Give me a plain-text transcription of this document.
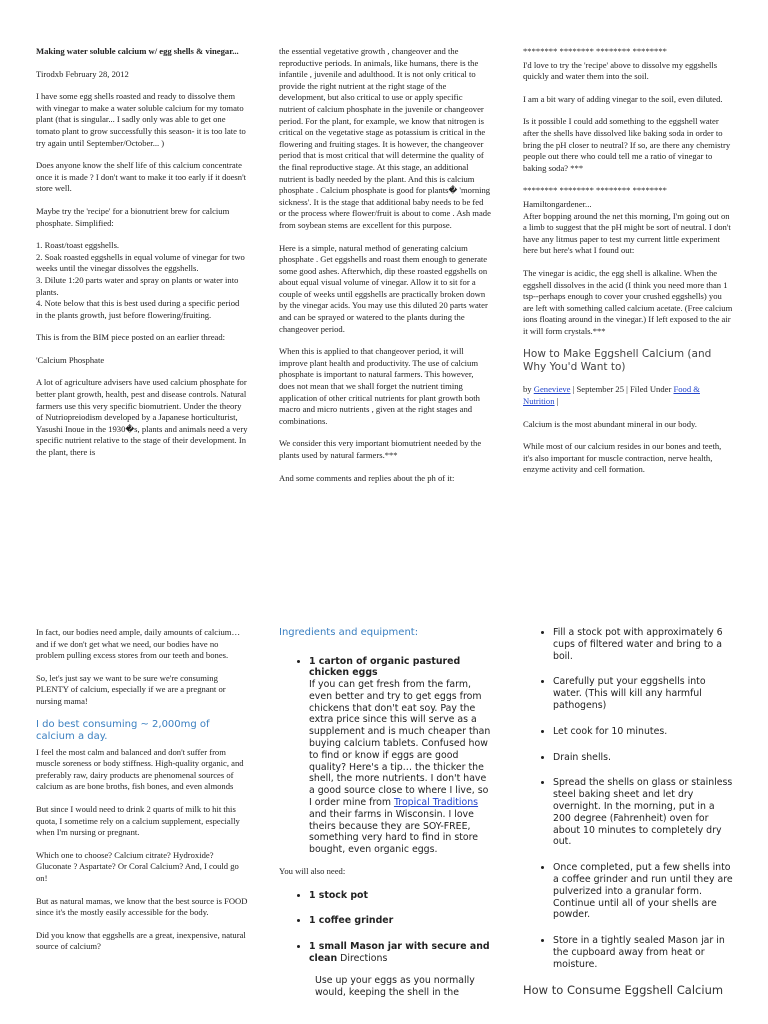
Making water soluble calcium w/ egg shells & vinegar...

Tirodxb February 28, 2012

I have some egg shells roasted and ready to dissolve them with vinegar to make a water soluble calcium for my tomato plant (that is singular... I sadly only was able to get one tomato plant to grow successfully this season- it is too late to try again until September/October... )

Does anyone know the shelf life of this calcium concentrate once it is made ? I don't want to make it too early if it doesn't store well.

Maybe try the 'recipe' for a bionutrient brew for calcium phosphate. Simplified:

1. Roast/toast eggshells.
2. Soak roasted eggshells in equal volume of vinegar for two weeks until the vinegar dissolves the eggshells.
3. Dilute 1:20 parts water and spray on plants or water into plants.
4. Note below that this is best used during a specific period in the plants growth, just before flowering/fruiting.

This is from the BIM piece posted on an earlier thread:

'Calcium Phosphate

A lot of agriculture advisers have used calcium phosphate for better plant growth, health, pest and disease controls. Natural farmers use this very specific biomutrient. Under the theory of Nutriopreiodism developed by a Japanese horticulturist, Yasushi Inoue in the 1930�s, plants and animals need a very specific nutrient relative to the stage of their development. In the plant, there is

the essential vegetative growth , changeover and the reproductive periods. In animals, like humans, there is the infantile , juvenile and adulthood. It is not only critical to provide the right nutrient at the right stage of the development, but also critical to use or apply specific nutrient of calcium phosphate in the juvenile or changeover period. For the plant, for example, we know that nitrogen is critical on the vegetative stage as potassium is critical in the flowering and fruiting stages. It is however, the changeover period that is most critical that will determine the quality of the final reproductive stage. At this stage, an additional nutrient is badly needed by the plant. And this is calcium phosphate . Calcium phosphate is good for plants� 'morning sickness'. It is the stage that additional baby needs to be fed or the process where flower/fruit is about to come . Ash made from soybean stems are excellent for this purpose.

Here is a simple, natural method of generating calcium phosphate . Get eggshells and roast them enough to generate some good ashes. Afterwhich, dip these roasted eggshells on about equal visual volume of vinegar. Allow it to sit for a couple of weeks until eggshells are practically broken down by the vinegar acids. You may use this diluted 20 parts water and can be sprayed or watered to the plants during the changeover period.

When this is applied to that changeover period, it will improve plant health and productivity. The use of calcium phosphate is important to natural farmers. This however, does not mean that we shall forget the nutrient timing application of other critical nutrients for plant growth both macro and micro nutrients , given at the right stages and combinations.

We consider this very important biomutrient needed by the plants used by natural farmers.***

And some comments and replies about the ph of it:

******** ******** ******** ********

I'd love to try the 'recipe' above to dissolve my eggshells quickly and water them into the soil.

I am a bit wary of adding vinegar to the soil, even diluted.

Is it possible I could add something to the eggshell water after the shells have dissolved like baking soda in order to bring the pH closer to neutral? If so, are there any chemistry people out there who could tell me a ratio of vinegar to baking soda? ***

******** ******** ******** ********

Hamiltongardener...
After bopping around the net this morning, I'm going out on a limb to suggest that the pH might be sort of neutral. I don't have any litmus paper to test my current little experiment here but here's what I found out:

The vinegar is acidic, the egg shell is alkaline. When the eggshell dissolves in the acid (I think you need more than 1 tsp--perhaps enough to cover your crushed eggshells) you are left with something called calcium acetate. (Free calcium ions floating around in the vinegar.) If left exposed to the air it will form crystals.***

How to Make Eggshell Calcium (and Why You'd Want to)

by Genevieve | September 25 | Filed Under Food & Nutrition |

Calcium is the most abundant mineral in our body.

While most of our calcium resides in our bones and teeth, it's also important for muscle contraction, nerve health, enzyme activity and cell formation.

In fact, our bodies need ample, daily amounts of calcium… and if we don't get what we need, our bodies have no problem pulling excess stores from our teeth and bones.

So, let's just say we want to be sure we're consuming PLENTY of calcium, especially if we are a pregnant or nursing mama!

I do best consuming ~ 2,000mg of calcium a day.

I feel the most calm and balanced and don't suffer from muscle soreness or body stiffness. High-quality organic, and preferably raw, dairy products are phenomenal sources of calcium as are bone broths, fish bones, and even almonds

But since I would need to drink 2 quarts of milk to hit this quota, I sometime rely on a calcium supplement, especially when I'm nursing or pregnant.

Which one to choose? Calcium citrate? Hydroxide? Gluconate ? Aspartate? Or Coral Calcium? And, I could go on!

But as natural mamas, we know that the best source is FOOD since it's the mostly easily accessible for the body.

Did you know that eggshells are a great, inexpensive, natural source of calcium?

Ingredients and equipment:

• 1 carton of organic pastured chicken eggs
If you can get fresh from the farm, even better and try to get eggs from chickens that don't eat soy. Pay the extra price since this will serve as a supplement and is much cheaper than buying calcium tablets. Confused how to find or know if eggs are good quality? Here's a tip… the thicker the shell, the more nutrients. I don't have a good source close to where I live, so I order mine from Tropical Traditions and their farms in Wisconsin. I love theirs because they are SOY-FREE, something very hard to find in store bought, even organic eggs.

You will also need:

• 1 stock pot
• 1 coffee grinder
• 1 small Mason jar with secure and clean Directions

Use up your eggs as you normally would, keeping the shell in the

• Fill a stock pot with approximately 6 cups of filtered water and bring to a boil.
• Carefully put your eggshells into water. (This will kill any harmful pathogens)
• Let cook for 10 minutes.
• Drain shells.
• Spread the shells on glass or stainless steel baking sheet and let dry overnight. In the morning, put in a 200 degree (Fahrenheit) oven for about 10 minutes to completely dry out.
• Once completed, put a few shells into a coffee grinder and run until they are pulverized into a granular form. Continue until all of your shells are powder.
• Store in a tightly sealed Mason jar in the cupboard away from heat or moisture.
How to Consume Eggshell Calcium
